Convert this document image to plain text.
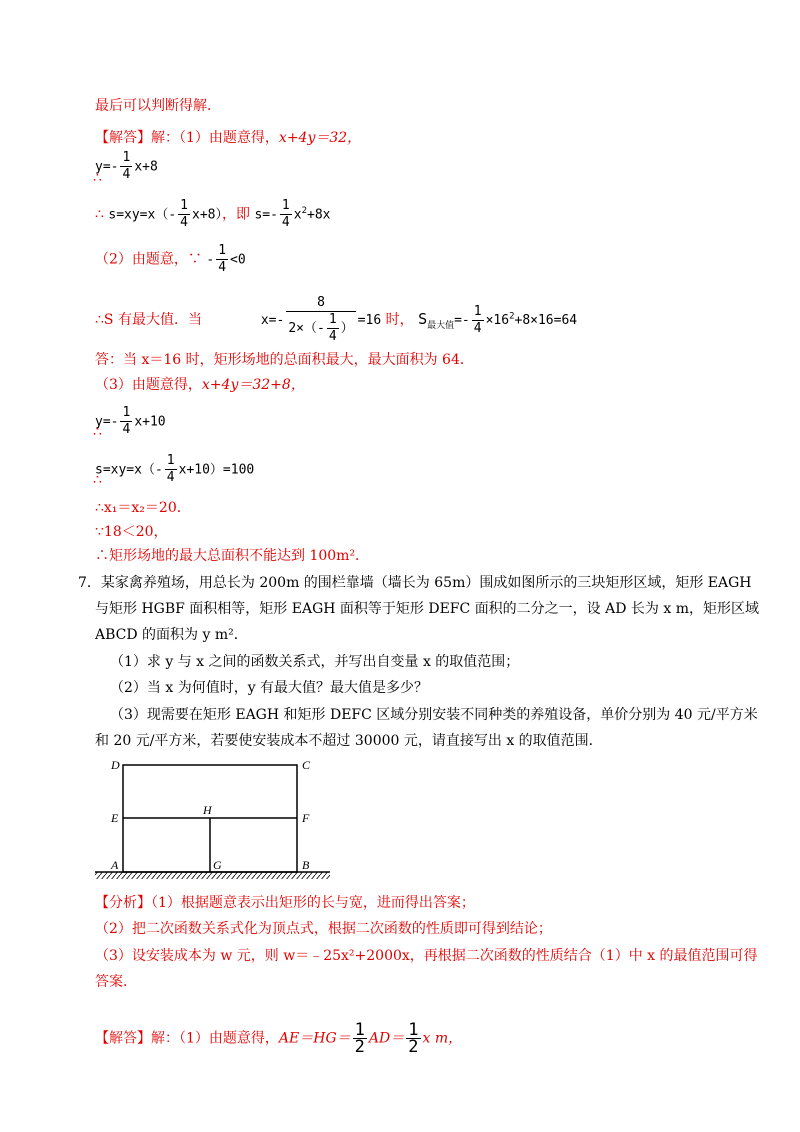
最后可以判断得解．
【解答】解：（1）由题意得，x+4y＝32，
$y=- \frac{1}{4} x+8$
∴
∴ $s=xy=x(- \frac{1}{4} x+8)$，即 $s=- \frac{1}{4} x^2+8x$
（2）由题意，∵ - $\frac{1}{4} <0$
∴S 有最大值．当	$x=- \frac{8}{2\times(- \frac{1}{4} )} =16$ 时， $S_{最大值}=- \frac{1}{4} \times 16^2+8\times 16=64$
答：当 x＝16 时，矩形场地的总面积最大，最大面积为 64．
（3）由题意得，x+4y＝32+8，
$y=- \frac{1}{4} x+10$
∴
$s=xy=x(- \frac{1}{4} x+10)=100$
∴
∴x₁＝x₂＝20．
∵18＜20，
∴矩形场地的最大总面积不能达到 100m²．
7．某家禽养殖场，用总长为 200m 的围栏靠墙（墙长为 65m）围成如图所示的三块矩形区域，矩形 EAGH
与矩形 HGBF 面积相等，矩形 EAGH 面积等于矩形 DEFC 面积的二分之一，设 AD 长为 x m，矩形区域
ABCD 的面积为 y m²．
（1）求 y 与 x 之间的函数关系式，并写出自变量 x 的取值范围；
（2）当 x 为何值时，y 有最大值？最大值是多少？
（3）现需要在矩形 EAGH 和矩形 DEFC 区域分别安装不同种类的养殖设备，单价分别为 40 元/平方米
和 20 元/平方米，若要使安装成本不超过 30000 元，请直接写出 x 的取值范围．
D	C
E
H
F
A	G	B
【分析】（1）根据题意表示出矩形的长与宽，进而得出答案；
（2）把二次函数关系式化为顶点式，根据二次函数的性质即可得到结论；
（3）设安装成本为 w 元，则 w＝﹣25x²+2000x，再根据二次函数的性质结合（1）中 x 的最值范围可得
答案．
【解答】解：（1）由题意得，$AE=HG= \frac{1}{2} AD= \frac{1}{2}$ x m，
